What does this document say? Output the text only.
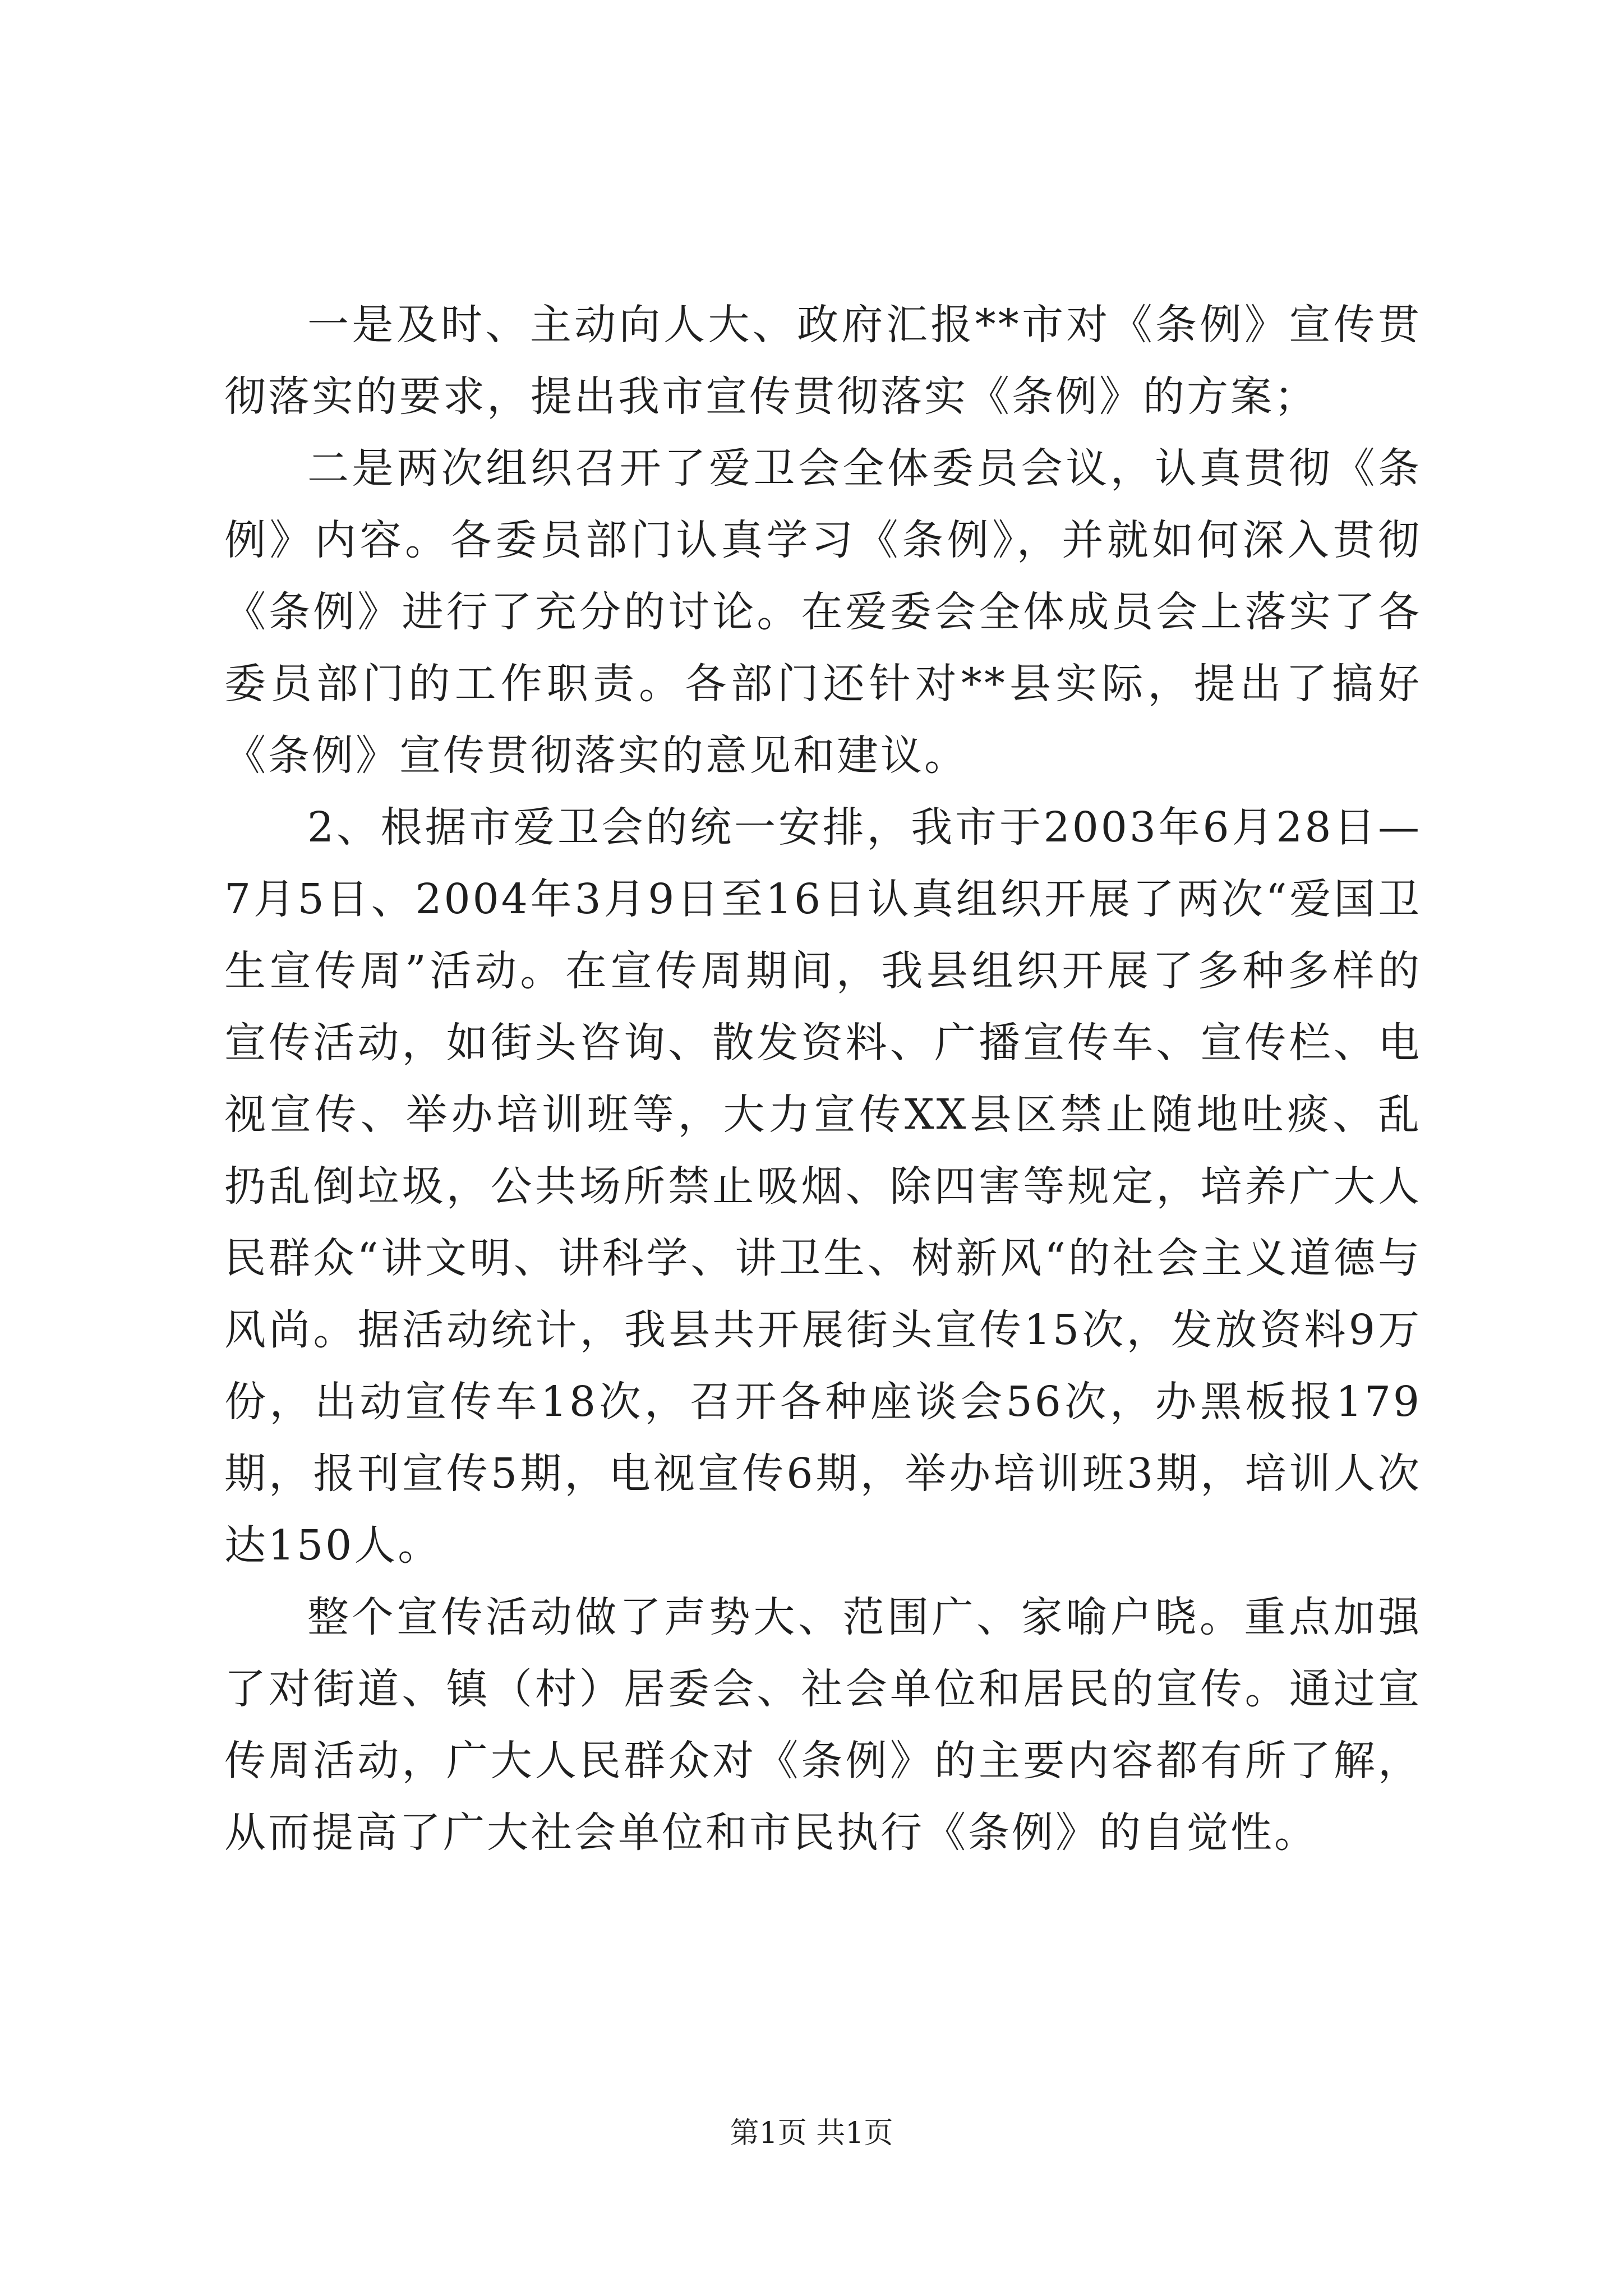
一是及时、主动向人大、政府汇报**市对《条例》宣传贯彻落实的要求，提出我市宣传贯彻落实《条例》的方案；

二是两次组织召开了爱卫会全体委员会议，认真贯彻《条例》内容。各委员部门认真学习《条例》，并就如何深入贯彻《条例》进行了充分的讨论。在爱委会全体成员会上落实了各委员部门的工作职责。各部门还针对**县实际，提出了搞好《条例》宣传贯彻落实的意见和建议。

2、根据市爱卫会的统一安排，我市于2003年6月28日—7月5日、2004年3月9日至16日认真组织开展了两次“爱国卫生宣传周”活动。在宣传周期间，我县组织开展了多种多样的宣传活动，如街头咨询、散发资料、广播宣传车、宣传栏、电视宣传、举办培训班等，大力宣传XX县区禁止随地吐痰、乱扔乱倒垃圾，公共场所禁止吸烟、除四害等规定，培养广大人民群众“讲文明、讲科学、讲卫生、树新风“的社会主义道德与风尚。据活动统计，我县共开展街头宣传15次，发放资料9万份，出动宣传车18次，召开各种座谈会56次，办黑板报179期，报刊宣传5期，电视宣传6期，举办培训班3期，培训人次达150人。

整个宣传活动做了声势大、范围广、家喻户晓。重点加强了对街道、镇（村）居委会、社会单位和居民的宣传。通过宣传周活动，广大人民群众对《条例》的主要内容都有所了解，从而提高了广大社会单位和市民执行《条例》的自觉性。

第1页 共1页
